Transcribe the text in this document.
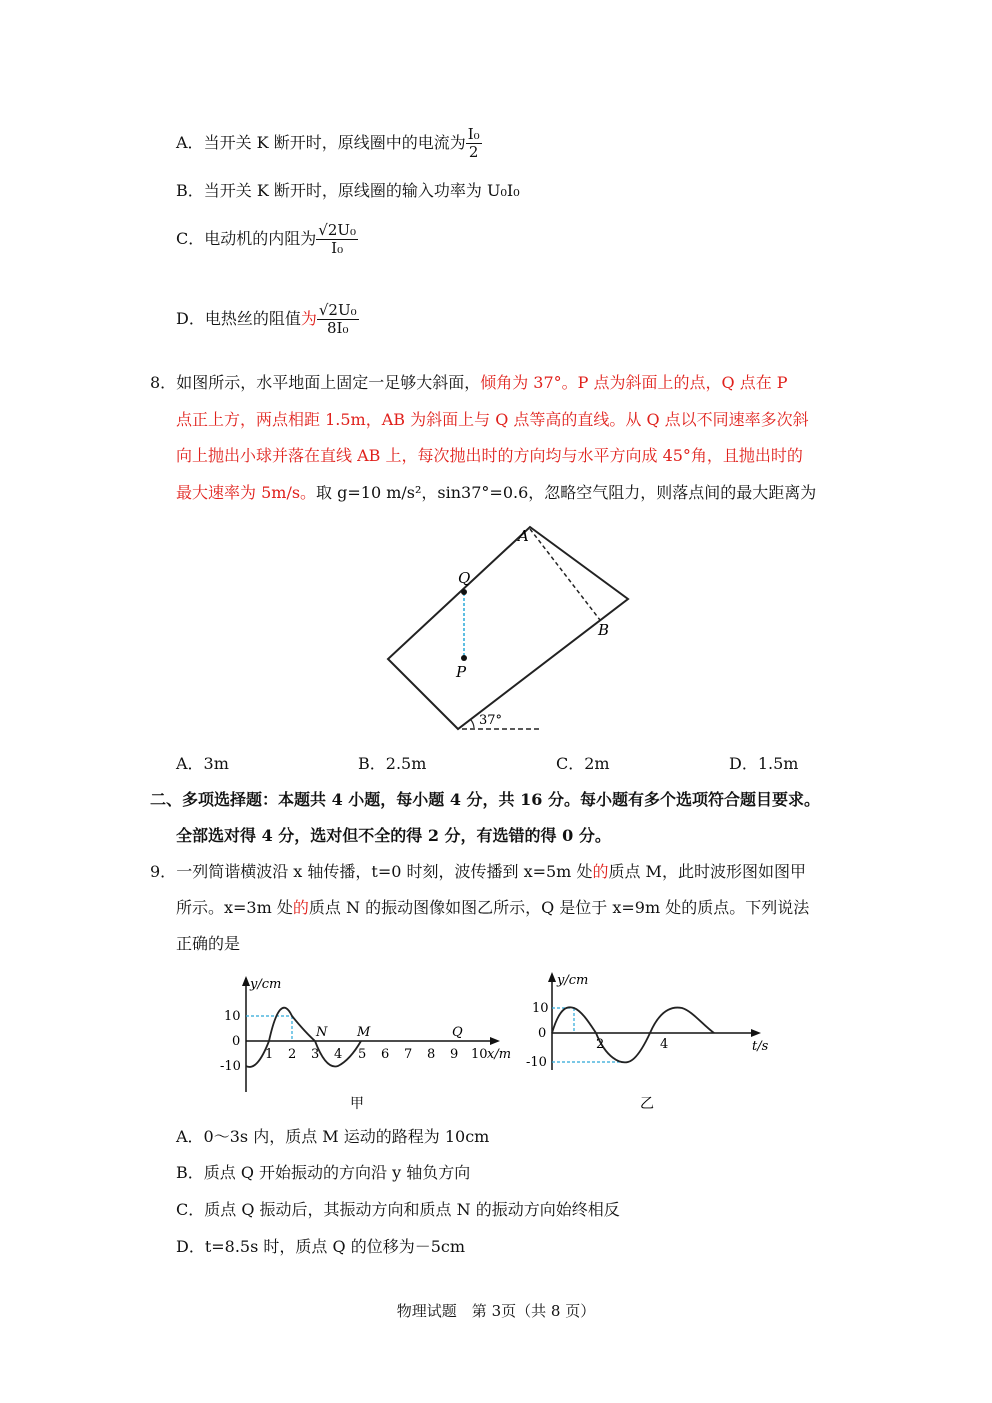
A．当开关 K 断开时，原线圈中的电流为 $\frac{\text{I₀}}{2}$
B．当开关 K 断开时，原线圈的输入功率为 U₀I₀
C．电动机的内阻为 $\frac{\text{√2U₀}}{\text{I₀}}$
D．电热丝的阻值为 $\frac{\text{√2U₀}}{\text{8I₀}}$
8．如图所示，水平地面上固定一足够大斜面，倾角为 37°。P 点为斜面上的点，Q 点在 P
点正上方，两点相距 1.5m，AB 为斜面上与 Q 点等高的直线。从 Q 点以不同速率多次斜
向上抛出小球并落在直线 AB 上，每次抛出时的方向均与水平方向成 45°角，且抛出时的
最大速率为 5m/s。取 g=10 m/s²，sin37°=0.6，忽略空气阻力，则落点间的最大距离为
A
B
Q
P
37°
A．3m	B．2.5m	C．2m	D．1.5m
二、多项选择题：本题共 4 小题，每小题 4 分，共 16 分。每小题有多个选项符合题目要求。
全部选对得 4 分，选对但不全的得 2 分，有选错的得 0 分。
9．一列简谐横波沿 x 轴传播，t=0 时刻，波传播到 x=5m 处的质点 M，此时波形图如图甲
所示。x=3m 处的质点 N 的振动图像如图乙所示，Q 是位于 x=9m 处的质点。下列说法
正确的是
y/cm
10
0
-10
1 2 3 4 5 6 7 8 9 10 x/m
N M	Q
甲
y/cm
10
0
-10
2	4	t/s
乙
A．0～3s 内，质点 M 运动的路程为 10cm
B．质点 Q 开始振动的方向沿 y 轴负方向
C．质点 Q 振动后，其振动方向和质点 N 的振动方向始终相反
D．t=8.5s 时，质点 Q 的位移为－5cm
物理试题　第 3页（共 8 页）
